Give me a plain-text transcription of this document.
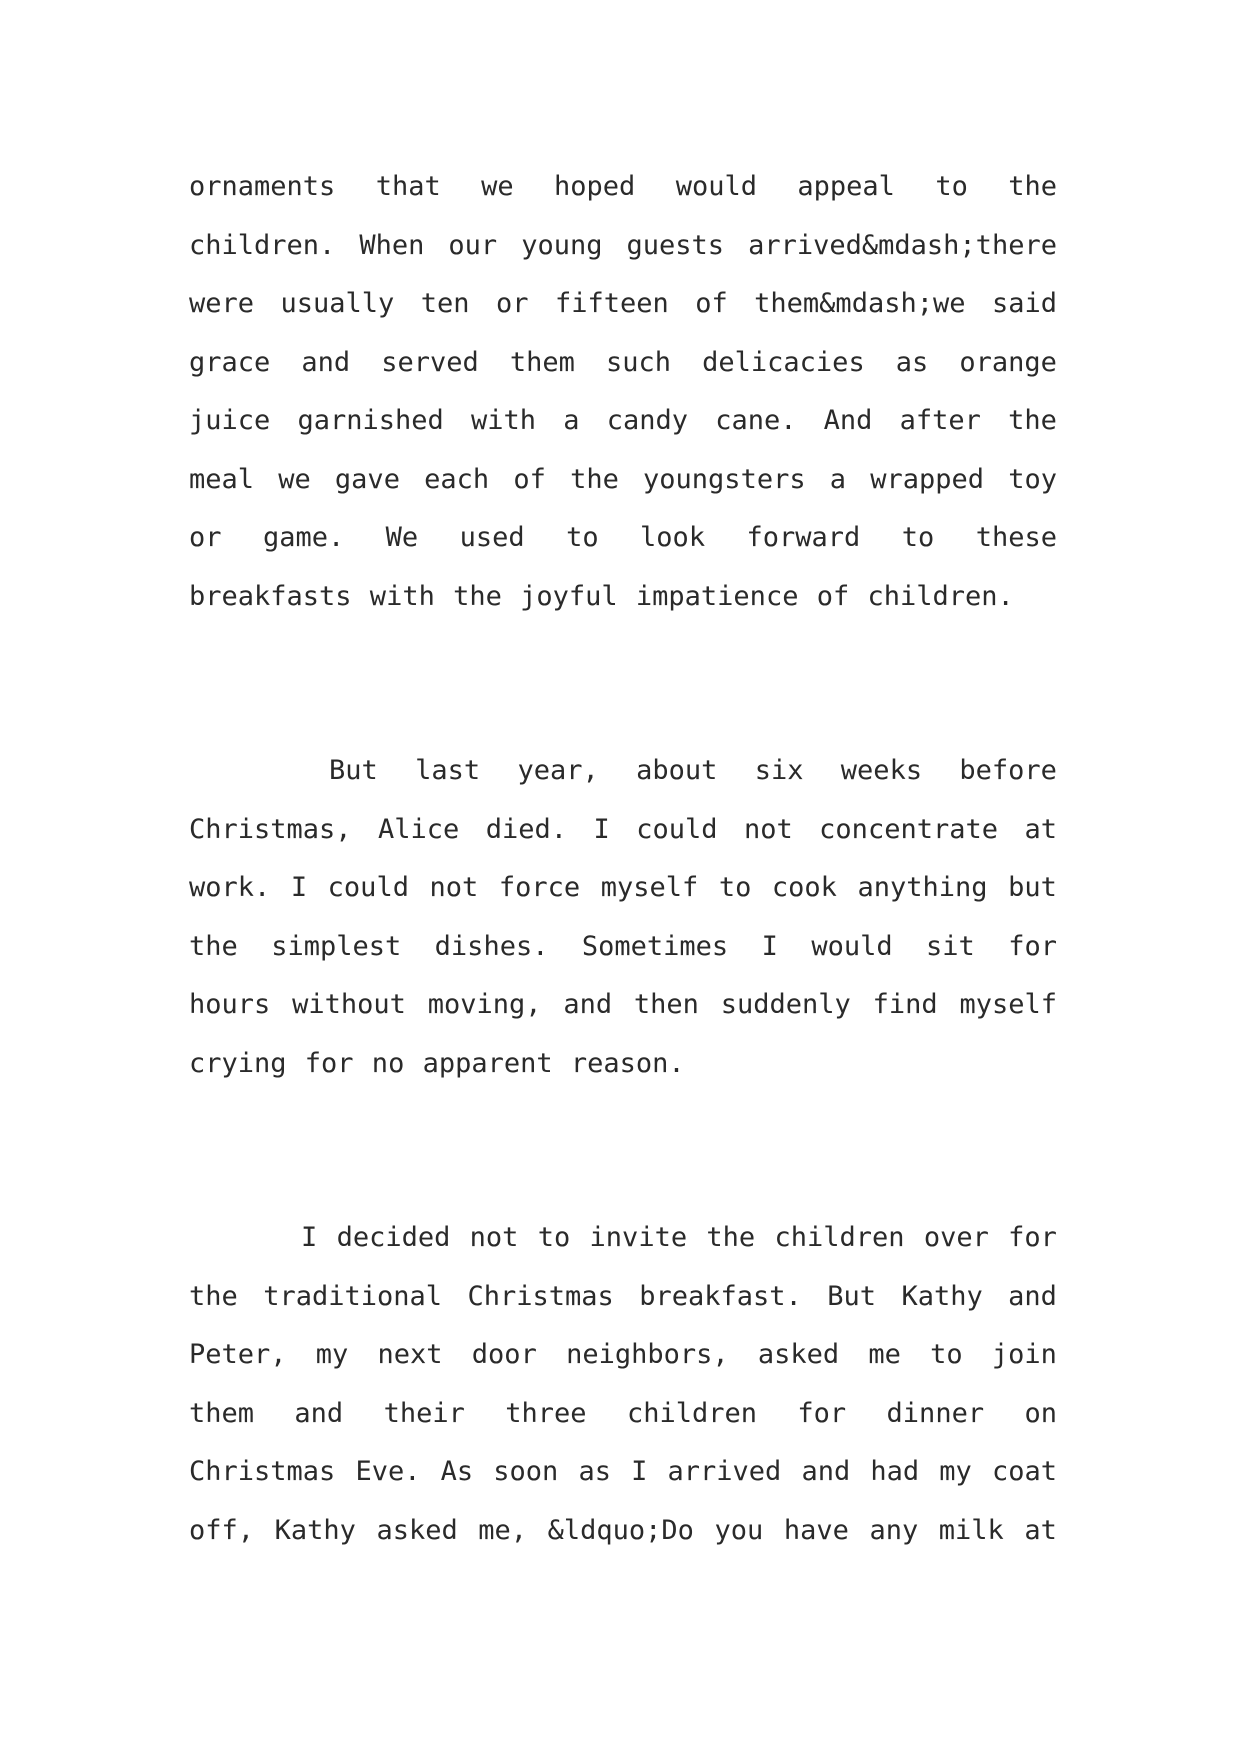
ornaments that we hoped would appeal to the
children. When our young guests arrived&mdash;there
were usually ten or fifteen of them&mdash;we said
grace and served them such delicacies as orange
juice garnished with a candy cane. And after the
meal we gave each of the youngsters a wrapped toy
or game. We used to look forward to these
breakfasts with the joyful impatience of children.
But last year, about six weeks before
Christmas, Alice died. I could not concentrate at
work. I could not force myself to cook anything but
the simplest dishes. Sometimes I would sit for
hours without moving, and then suddenly find myself
crying for no apparent reason.
I decided not to invite the children over for
the traditional Christmas breakfast. But Kathy and
Peter, my next door neighbors, asked me to join
them and their three children for dinner on
Christmas Eve. As soon as I arrived and had my coat
off, Kathy asked me, &ldquo;Do you have any milk at
